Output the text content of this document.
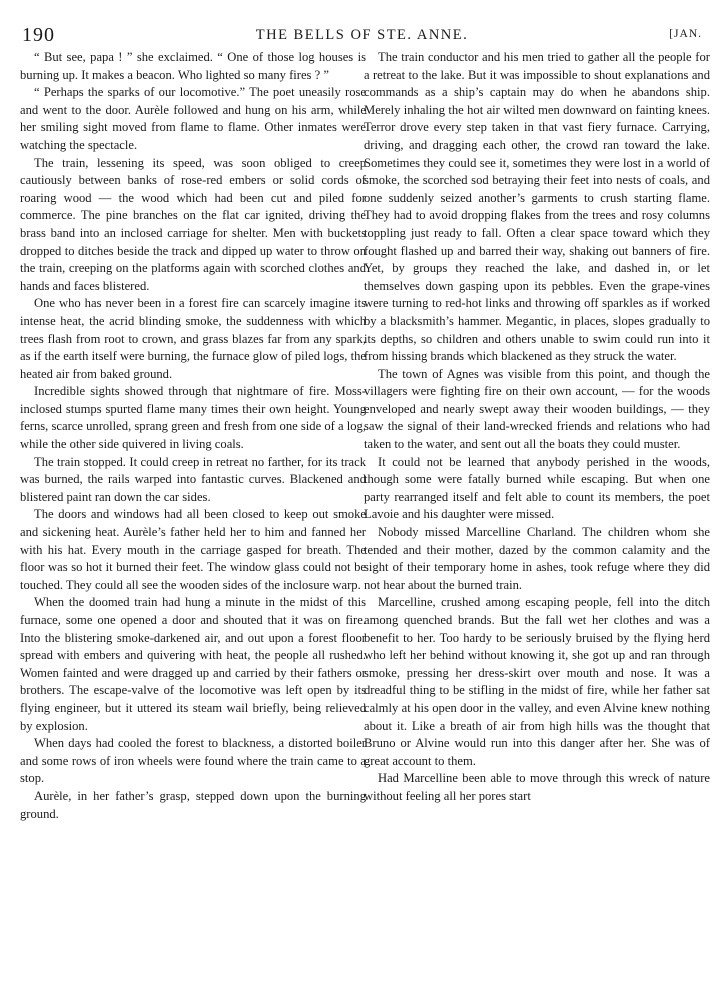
190	THE BELLS OF STE. ANNE.	[JAN.

“ But see, papa ! ” she exclaimed. “ One of those log houses is burning up. It makes a beacon. Who lighted so many fires ? ”

“ Perhaps the sparks of our locomotive.” The poet uneasily rose and went to the door. Aurèle followed and hung on his arm, while her smiling sight moved from flame to flame. Other inmates were watching the spectacle.

The train, lessening its speed, was soon obliged to creep cautiously between banks of rose-red embers or solid cords of roaring wood — the wood which had been cut and piled for commerce. The pine branches on the flat car ignited, driving the brass band into an inclosed carriage for shelter. Men with buckets dropped to ditches beside the track and dipped up water to throw on the train, creeping on the platforms again with scorched clothes and hands and faces blistered.

One who has never been in a forest fire can scarcely imagine its intense heat, the acrid blinding smoke, the suddenness with which trees flash from root to crown, and grass blazes far from any spark, as if the earth itself were burning, the furnace glow of piled logs, the heated air from baked ground.

Incredible sights showed through that nightmare of fire. Moss-inclosed stumps spurted flame many times their own height. Young ferns, scarce unrolled, sprang green and fresh from one side of a log, while the other side quivered in living coals.

The train stopped. It could creep in retreat no farther, for its track was burned, the rails warped into fantastic curves. Blackened and blistered paint ran down the car sides.

The doors and windows had all been closed to keep out smoke and sickening heat. Aurèle’s father held her to him and fanned her with his hat. Every mouth in the carriage gasped for breath. The floor was so hot it burned their feet. The window glass could not be touched. They could all see the wooden sides of the inclosure warp.

When the doomed train had hung a minute in the midst of this furnace, some one opened a door and shouted that it was on fire. Into the blistering smoke-darkened air, and out upon a forest floor spread with embers and quivering with heat, the people all rushed. Women fainted and were dragged up and carried by their fathers or brothers. The escape-valve of the locomotive was left open by its flying engineer, but it uttered its steam wail briefly, being relieved by explosion.

When days had cooled the forest to blackness, a distorted boiler and some rows of iron wheels were found where the train came to a stop.

Aurèle, in her father’s grasp, stepped down upon the burning ground.

The train conductor and his men tried to gather all the people for a retreat to the lake. But it was impossible to shout explanations and commands as a ship’s captain may do when he abandons ship. Merely inhaling the hot air wilted men downward on fainting knees. Terror drove every step taken in that vast fiery furnace. Carrying, driving, and dragging each other, the crowd ran toward the lake. Sometimes they could see it, sometimes they were lost in a world of smoke, the scorched sod betraying their feet into nests of coals, and one suddenly seized another’s garments to crush starting flame. They had to avoid dropping flakes from the trees and rosy columns toppling just ready to fall. Often a clear space toward which they fought flashed up and barred their way, shaking out banners of fire. Yet, by groups they reached the lake, and dashed in, or let themselves down gasping upon its pebbles. Even the grape-vines were turning to red-hot links and throwing off sparkles as if worked by a blacksmith’s hammer. Megantic, in places, slopes gradually to its depths, so children and others unable to swim could run into it from hissing brands which blackened as they struck the water.

The town of Agnes was visible from this point, and though the villagers were fighting fire on their own account, — for the woods enveloped and nearly swept away their wooden buildings, — they saw the signal of their land-wrecked friends and relations who had taken to the water, and sent out all the boats they could muster.

It could not be learned that anybody perished in the woods, though some were fatally burned while escaping. But when one party rearranged itself and felt able to count its members, the poet Lavoie and his daughter were missed.

Nobody missed Marcelline Charland. The children whom she tended and their mother, dazed by the common calamity and the sight of their temporary home in ashes, took refuge where they did not hear about the burned train.

Marcelline, crushed among escaping people, fell into the ditch among quenched brands. But the fall wet her clothes and was a benefit to her. Too hardy to be seriously bruised by the flying herd who left her behind without knowing it, she got up and ran through smoke, pressing her dress-skirt over mouth and nose. It was a dreadful thing to be stifling in the midst of fire, while her father sat calmly at his open door in the valley, and even Alvine knew nothing about it. Like a breath of air from high hills was the thought that Bruno or Alvine would run into this danger after her. She was of great account to them.

Had Marcelline been able to move through this wreck of nature without feeling all her pores start
